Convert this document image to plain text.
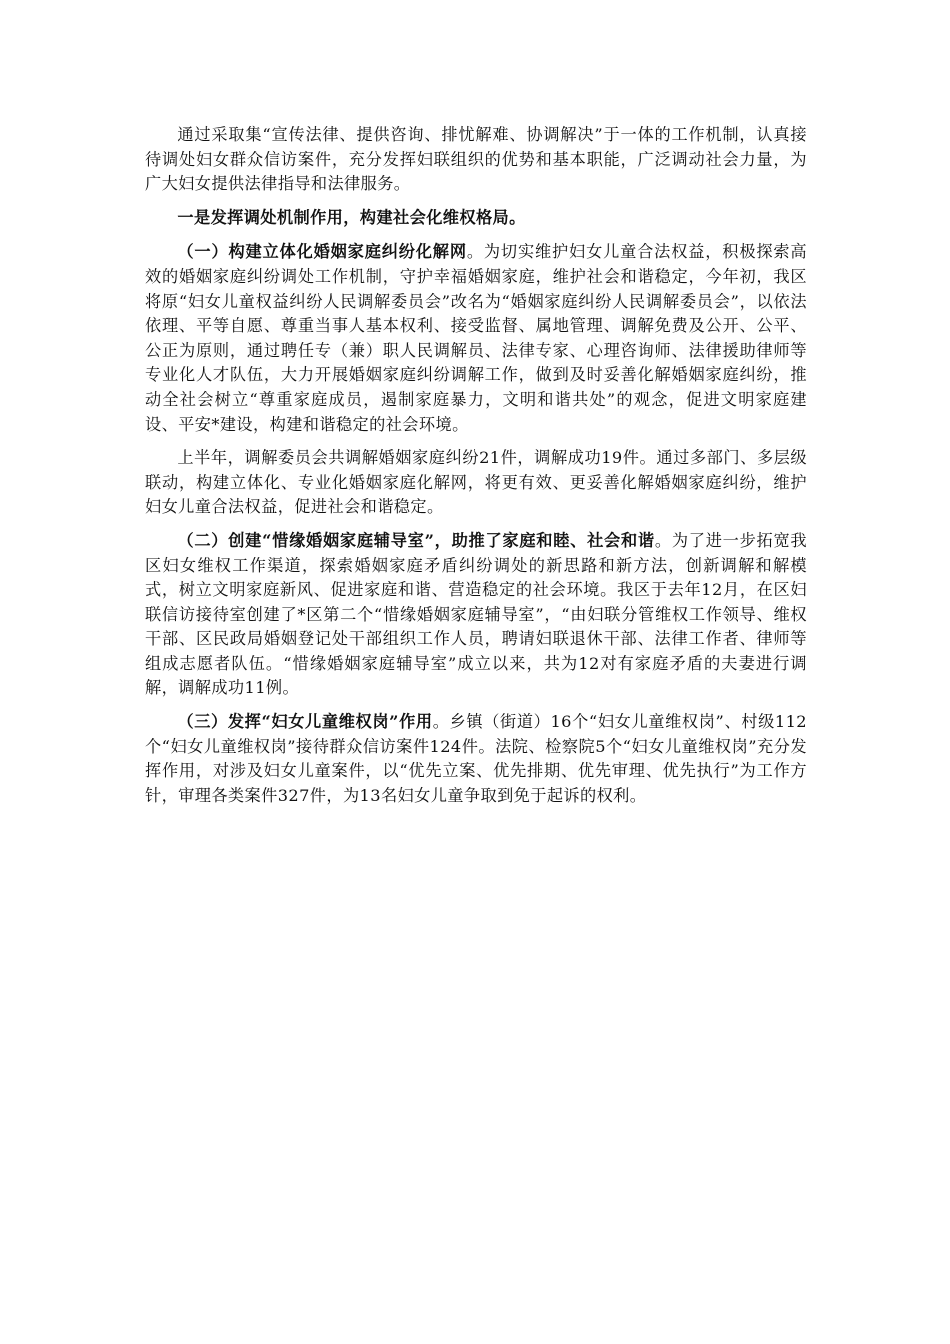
通过采取集“宣传法律、提供咨询、排忧解难、协调解决”于一体的工作机制，认真接待调处妇女群众信访案件，充分发挥妇联组织的优势和基本职能，广泛调动社会力量，为广大妇女提供法律指导和法律服务。

一是发挥调处机制作用，构建社会化维权格局。

（一）构建立体化婚姻家庭纠纷化解网。为切实维护妇女儿童合法权益，积极探索高效的婚姻家庭纠纷调处工作机制，守护幸福婚姻家庭，维护社会和谐稳定，今年初，我区将原“妇女儿童权益纠纷人民调解委员会”改名为“婚姻家庭纠纷人民调解委员会”，以依法依理、平等自愿、尊重当事人基本权利、接受监督、属地管理、调解免费及公开、公平、公正为原则，通过聘任专（兼）职人民调解员、法律专家、心理咨询师、法律援助律师等专业化人才队伍，大力开展婚姻家庭纠纷调解工作，做到及时妥善化解婚姻家庭纠纷，推动全社会树立“尊重家庭成员，遏制家庭暴力，文明和谐共处”的观念，促进文明家庭建设、平安*建设，构建和谐稳定的社会环境。

上半年，调解委员会共调解婚姻家庭纠纷21件，调解成功19件。通过多部门、多层级联动，构建立体化、专业化婚姻家庭化解网，将更有效、更妥善化解婚姻家庭纠纷，维护妇女儿童合法权益，促进社会和谐稳定。

（二）创建“惜缘婚姻家庭辅导室”，助推了家庭和睦、社会和谐。为了进一步拓宽我区妇女维权工作渠道，探索婚姻家庭矛盾纠纷调处的新思路和新方法，创新调解和解模式，树立文明家庭新风、促进家庭和谐、营造稳定的社会环境。我区于去年12月，在区妇联信访接待室创建了*区第二个“惜缘婚姻家庭辅导室”，“由妇联分管维权工作领导、维权干部、区民政局婚姻登记处干部组织工作人员，聘请妇联退休干部、法律工作者、律师等组成志愿者队伍。“惜缘婚姻家庭辅导室”成立以来，共为12对有家庭矛盾的夫妻进行调解，调解成功11例。

（三）发挥“妇女儿童维权岗”作用。乡镇（街道）16个“妇女儿童维权岗”、村级112个“妇女儿童维权岗”接待群众信访案件124件。法院、检察院5个“妇女儿童维权岗”充分发挥作用，对涉及妇女儿童案件，以“优先立案、优先排期、优先审理、优先执行”为工作方针，审理各类案件327件，为13名妇女儿童争取到免于起诉的权利。
